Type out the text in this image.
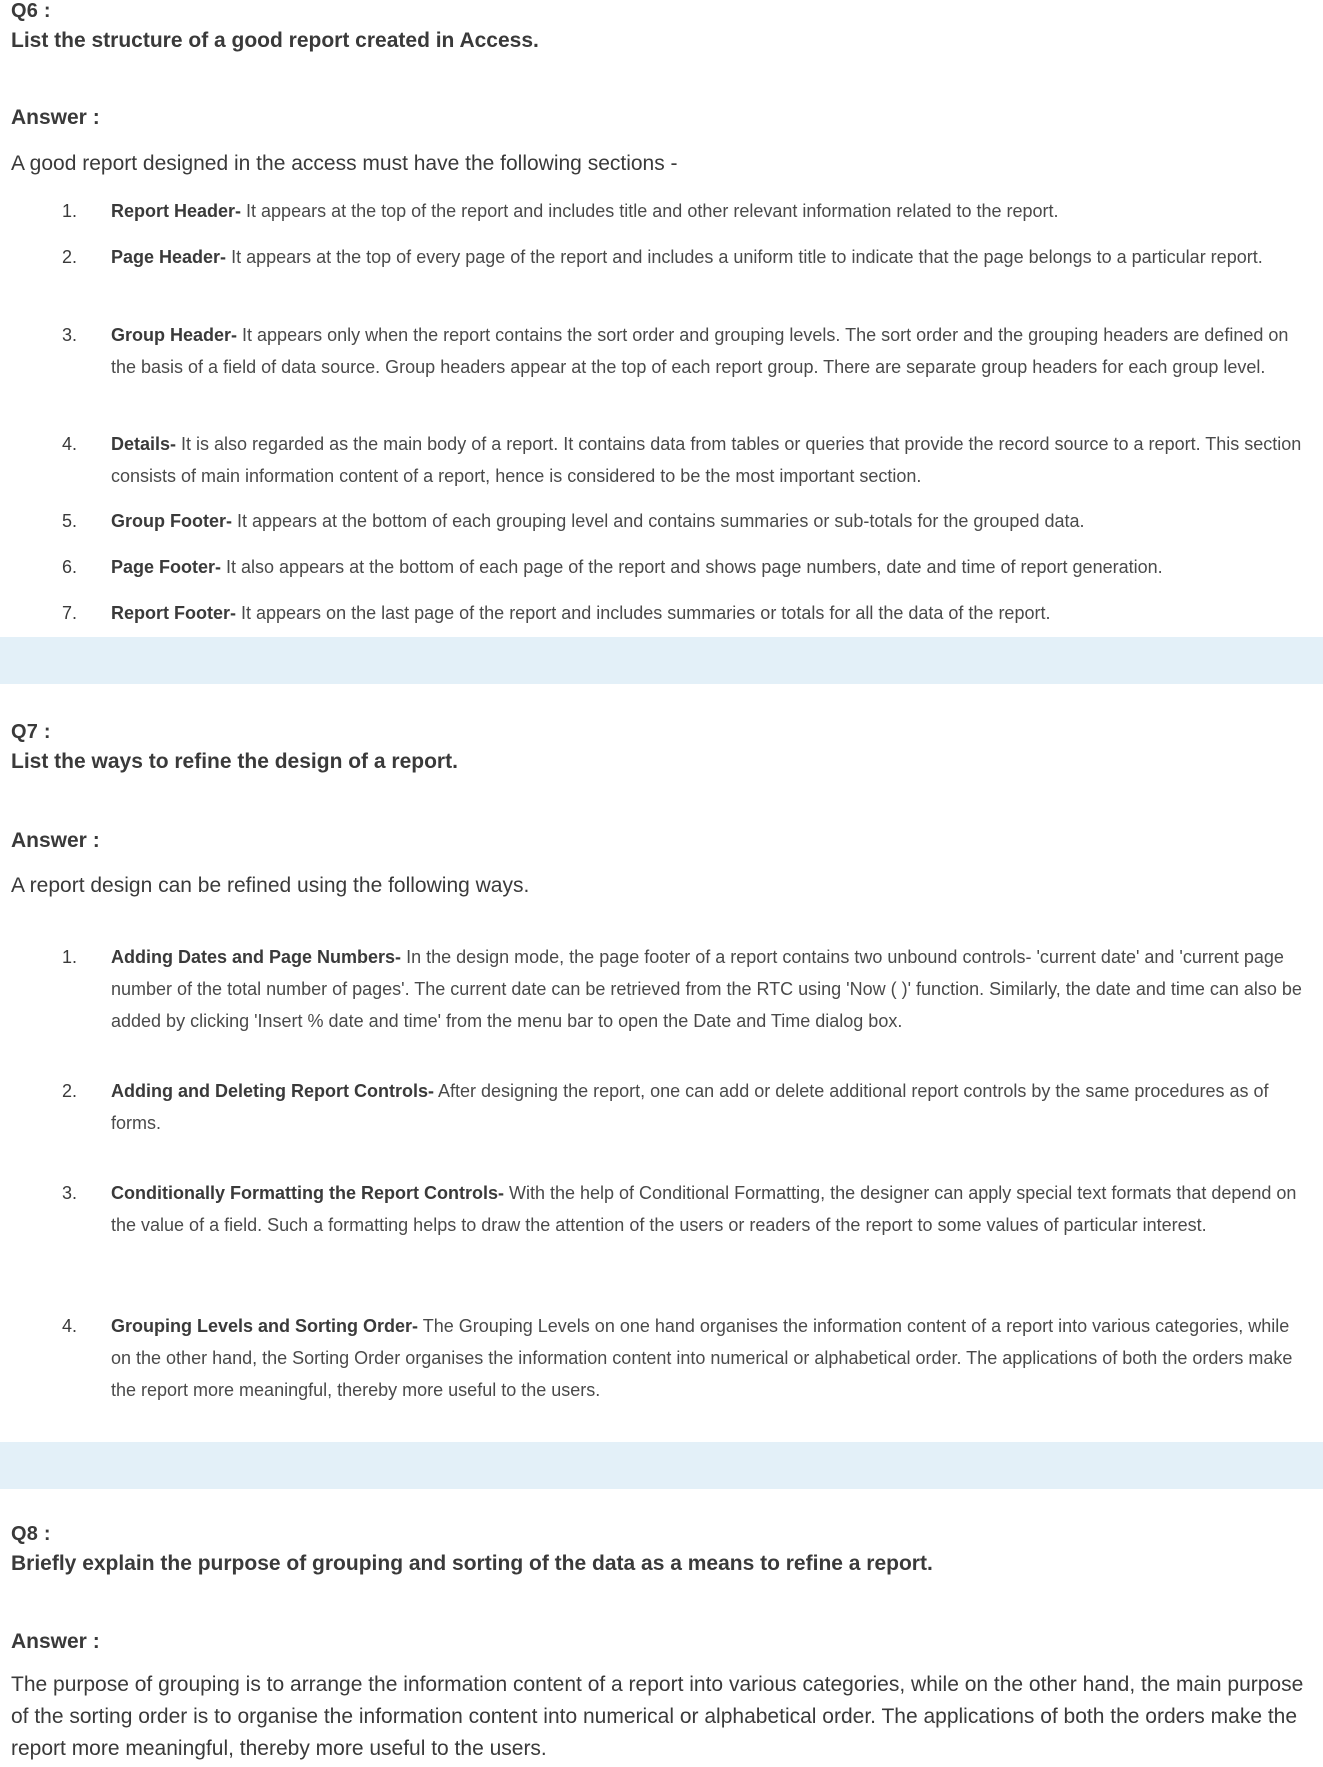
Q6 :
List the structure of a good report created in Access.
Answer :
A good report designed in the access must have the following sections -
1. Report Header- It appears at the top of the report and includes title and other relevant information related to the report.
2. Page Header- It appears at the top of every page of the report and includes a uniform title to indicate that the page belongs to a particular report.
3. Group Header- It appears only when the report contains the sort order and grouping levels. The sort order and the grouping headers are defined on the basis of a field of data source. Group headers appear at the top of each report group. There are separate group headers for each group level.
4. Details- It is also regarded as the main body of a report. It contains data from tables or queries that provide the record source to a report. This section consists of main information content of a report, hence is considered to be the most important section.
5. Group Footer- It appears at the bottom of each grouping level and contains summaries or sub-totals for the grouped data.
6. Page Footer- It also appears at the bottom of each page of the report and shows page numbers, date and time of report generation.
7. Report Footer- It appears on the last page of the report and includes summaries or totals for all the data of the report.
Q7 :
List the ways to refine the design of a report.
Answer :
A report design can be refined using the following ways.
1. Adding Dates and Page Numbers- In the design mode, the page footer of a report contains two unbound controls- 'current date' and 'current page number of the total number of pages'. The current date can be retrieved from the RTC using 'Now ( )' function. Similarly, the date and time can also be added by clicking 'Insert % date and time' from the menu bar to open the Date and Time dialog box.
2. Adding and Deleting Report Controls- After designing the report, one can add or delete additional report controls by the same procedures as of forms.
3. Conditionally Formatting the Report Controls- With the help of Conditional Formatting, the designer can apply special text formats that depend on the value of a field. Such a formatting helps to draw the attention of the users or readers of the report to some values of particular interest.
4. Grouping Levels and Sorting Order- The Grouping Levels on one hand organises the information content of a report into various categories, while on the other hand, the Sorting Order organises the information content into numerical or alphabetical order. The applications of both the orders make the report more meaningful, thereby more useful to the users.
Q8 :
Briefly explain the purpose of grouping and sorting of the data as a means to refine a report.
Answer :
The purpose of grouping is to arrange the information content of a report into various categories, while on the other hand, the main purpose of the sorting order is to organise the information content into numerical or alphabetical order. The applications of both the orders make the report more meaningful, thereby more useful to the users.
